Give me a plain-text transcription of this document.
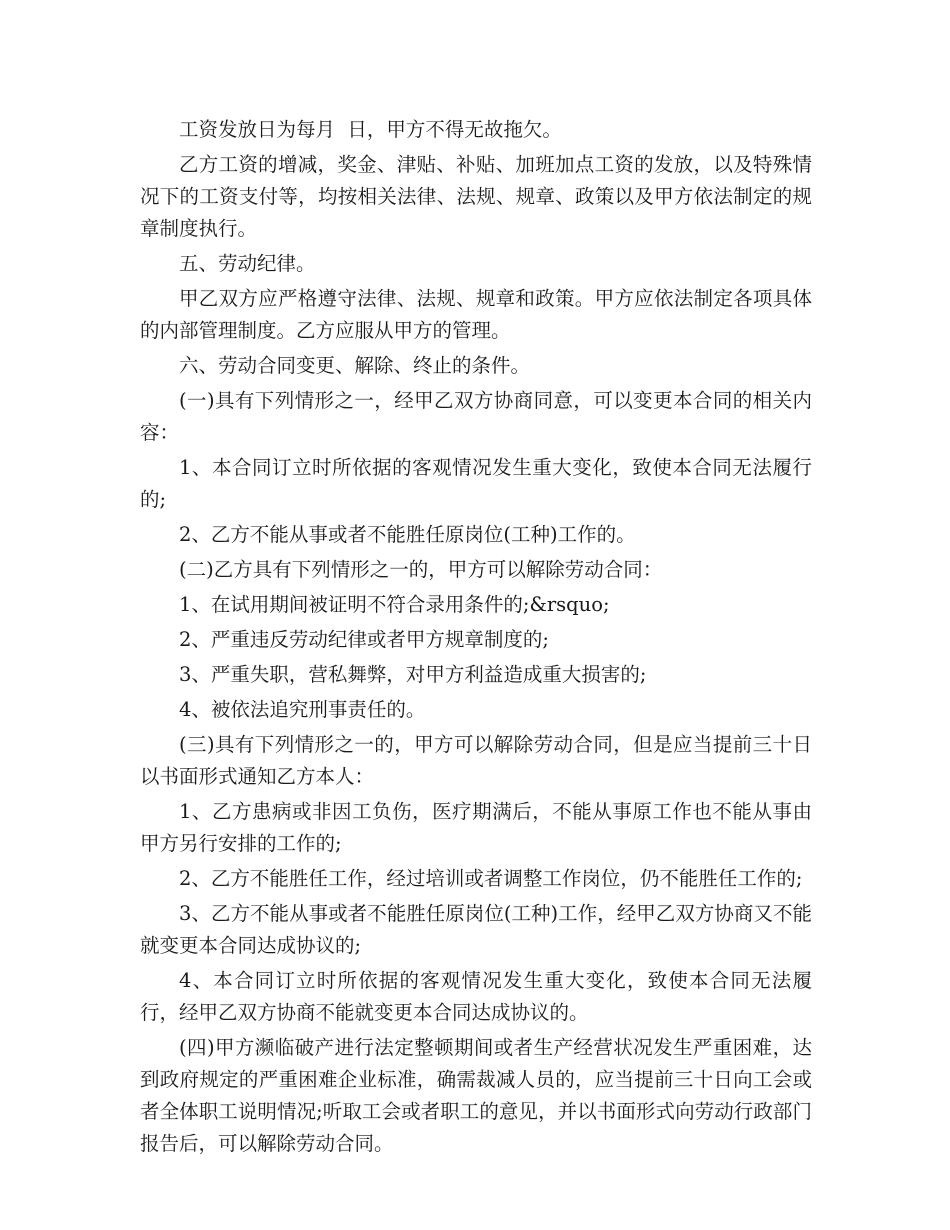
工资发放日为每月  日，甲方不得无故拖欠。

乙方工资的增减，奖金、津贴、补贴、加班加点工资的发放，以及特殊情况下的工资支付等，均按相关法律、法规、规章、政策以及甲方依法制定的规章制度执行。

五、劳动纪律。

甲乙双方应严格遵守法律、法规、规章和政策。甲方应依法制定各项具体的内部管理制度。乙方应服从甲方的管理。

六、劳动合同变更、解除、终止的条件。

(一)具有下列情形之一，经甲乙双方协商同意，可以变更本合同的相关内容：

1、本合同订立时所依据的客观情况发生重大变化，致使本合同无法履行的;

2、乙方不能从事或者不能胜任原岗位(工种)工作的。

(二)乙方具有下列情形之一的，甲方可以解除劳动合同：

1、在试用期间被证明不符合录用条件的;&rsquo;

2、严重违反劳动纪律或者甲方规章制度的;

3、严重失职，营私舞弊，对甲方利益造成重大损害的;

4、被依法追究刑事责任的。

(三)具有下列情形之一的，甲方可以解除劳动合同，但是应当提前三十日以书面形式通知乙方本人：

1、乙方患病或非因工负伤，医疗期满后，不能从事原工作也不能从事由甲方另行安排的工作的;

2、乙方不能胜任工作，经过培训或者调整工作岗位，仍不能胜任工作的;

3、乙方不能从事或者不能胜任原岗位(工种)工作，经甲乙双方协商又不能就变更本合同达成协议的;

4、本合同订立时所依据的客观情况发生重大变化，致使本合同无法履行，经甲乙双方协商不能就变更本合同达成协议的。

(四)甲方濒临破产进行法定整顿期间或者生产经营状况发生严重困难，达到政府规定的严重困难企业标准，确需裁减人员的，应当提前三十日向工会或者全体职工说明情况;听取工会或者职工的意见，并以书面形式向劳动行政部门报告后，可以解除劳动合同。
